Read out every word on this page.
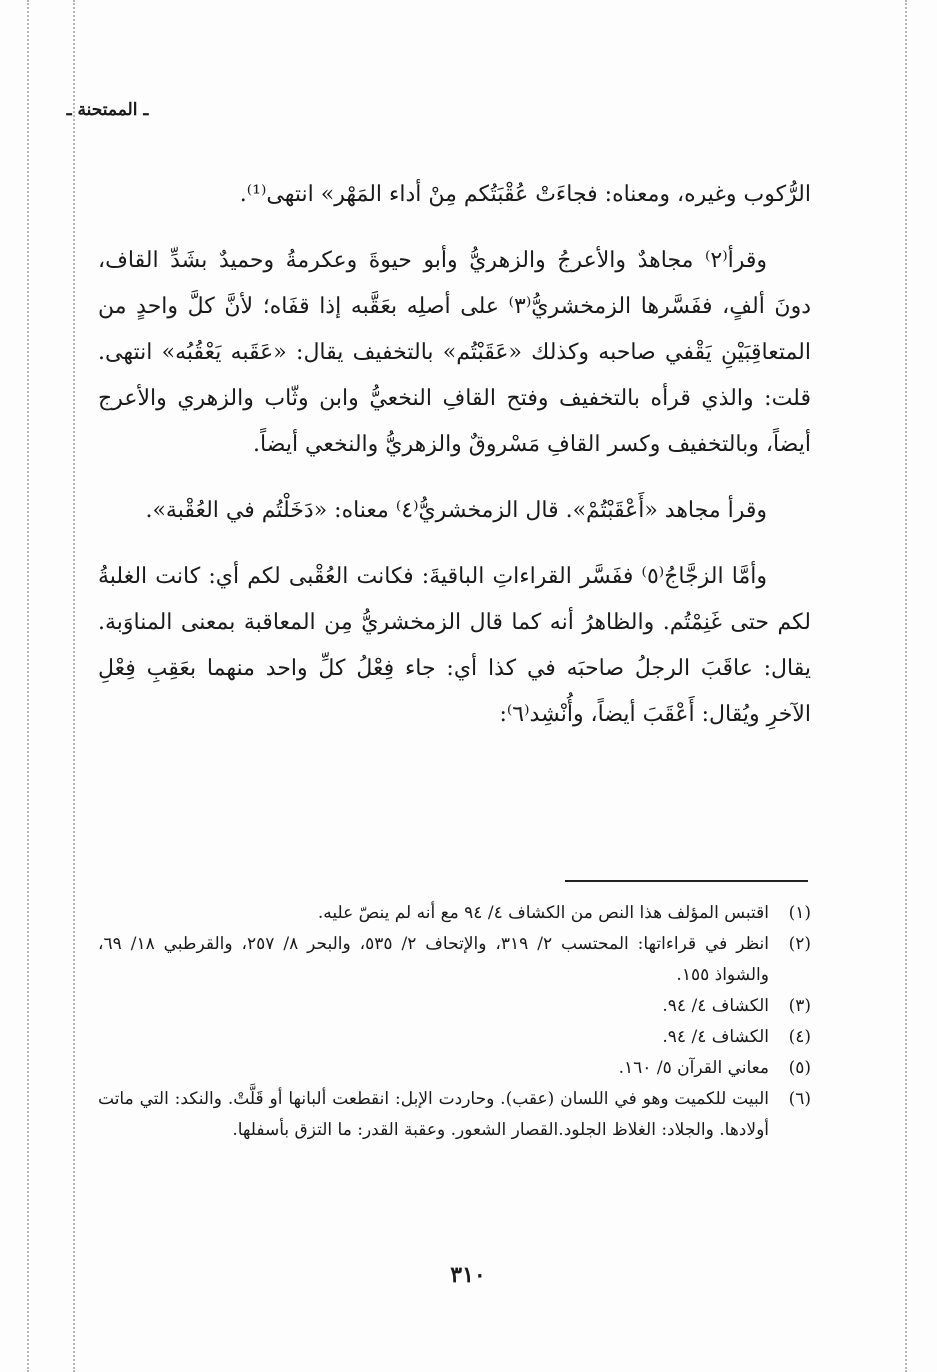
ـ الممتحنة ـ

الرُّكوب وغيره، ومعناه: فجاءَتْ عُقْبَتُكم مِنْ أداء المَهْر» انتهى⁽¹⁾.

وقرأ⁽٢⁾ مجاهدٌ والأعرجُ والزهريُّ وأبو حيوةَ وعكرمةُ وحميدٌ بشَدِّ القاف، دونَ ألفٍ، ففَسَّرها الزمخشريُّ⁽٣⁾ على أصلِه بعَقَّبه إذا قفَاه؛ لأنَّ كلَّ واحدٍ من المتعاقِبَيْنِ يَقْفي صاحبه وكذلك «عَقَبْتُم» بالتخفيف يقال: «عَقَبه يَعْقُبُه» انتهى. قلت: والذي قرأه بالتخفيف وفتح القافِ النخعيُّ وابن وثّاب والزهري والأعرج أيضاً، وبالتخفيف وكسر القافِ مَسْروقٌ والزهريُّ والنخعي أيضاً.

وقرأ مجاهد «أَعْقَبْتُمْ». قال الزمخشريُّ⁽٤⁾ معناه: «دَخَلْتُم في العُقْبة».

وأمَّا الزجَّاجُ⁽٥⁾ ففَسَّر القراءاتِ الباقيةَ: فكانت العُقْبى لكم أي: كانت الغلبةُ لكم حتى غَنِمْتُم. والظاهرُ أنه كما قال الزمخشريُّ مِن المعاقبة بمعنى المناوَبة. يقال: عاقَبَ الرجلُ صاحبَه في كذا أي: جاء فِعْلُ كلِّ واحد منهما بعَقِبِ فِعْلِ الآخرِ ويُقال: أَعْقَبَ أيضاً، وأُنْشِد⁽٦⁾:

(١)
اقتبس المؤلف هذا النص من الكشاف ٤/ ٩٤ مع أنه لم ينصّ عليه.
(٢)
انظر في قراءاتها: المحتسب ٢/ ٣١٩، والإتحاف ٢/ ٥٣٥، والبحر ٨/ ٢٥٧، والقرطبي ١٨/ ٦٩، والشواذ ١٥٥.
(٣)
الكشاف ٤/ ٩٤.
(٤)
الكشاف ٤/ ٩٤.
(٥)
معاني القرآن ٥/ ١٦٠.
(٦)
البيت للكميت وهو في اللسان (عقب). وحاردت الإبل: انقطعت ألبانها أو قَلَّتْ. والنكد: التي ماتت أولادها. والجلاد: الغلاظ الجلود.القصار الشعور. وعقبة القدر: ما التزق بأسفلها.
٣١٠
